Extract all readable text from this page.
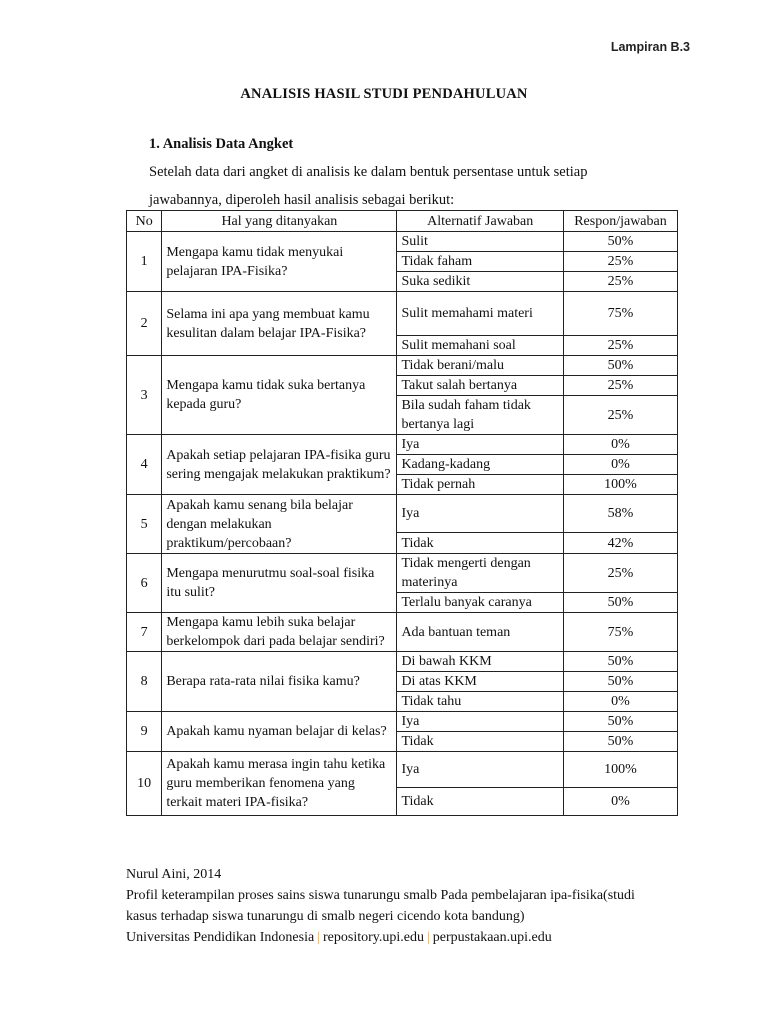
Lampiran B.3
ANALISIS HASIL STUDI PENDAHULUAN
1. Analisis Data Angket
Setelah data dari angket di analisis ke dalam bentuk persentase untuk setiap
jawabannya, diperoleh hasil analisis sebagai berikut:
No	Hal yang ditanyakan	Alternatif Jawaban	Respon/jawaban
1	Mengapa kamu tidak menyukai pelajaran IPA-Fisika?	Sulit	50%
		Tidak faham	25%
		Suka sedikit	25%
2	Selama ini apa yang membuat kamu kesulitan dalam belajar IPA-Fisika?	Sulit memahami materi	75%
		Sulit memahani soal	25%
3	Mengapa kamu tidak suka bertanya kepada guru?	Tidak berani/malu	50%
		Takut salah bertanya	25%
		Bila sudah faham tidak bertanya lagi	25%
4	Apakah setiap pelajaran IPA-fisika guru sering mengajak melakukan praktikum?	Iya	0%
		Kadang-kadang	0%
		Tidak pernah	100%
5	Apakah kamu senang bila belajar dengan melakukan praktikum/percobaan?	Iya	58%
		Tidak	42%
6	Mengapa menurutmu soal-soal fisika itu sulit?	Tidak mengerti dengan materinya	25%
		Terlalu banyak caranya	50%
7	Mengapa kamu lebih suka belajar berkelompok dari pada belajar sendiri?	Ada bantuan teman	75%
8	Berapa rata-rata nilai fisika kamu?	Di bawah KKM	50%
		Di atas KKM	50%
		Tidak tahu	0%
9	Apakah kamu nyaman belajar di kelas?	Iya	50%
		Tidak	50%
10	Apakah kamu merasa ingin tahu ketika guru memberikan fenomena yang terkait materi IPA-fisika?	Iya	100%
		Tidak	0%
Nurul Aini, 2014
Profil keterampilan proses sains siswa tunarungu smalb Pada pembelajaran ipa-fisika(studi
kasus terhadap siswa tunarungu di smalb negeri cicendo kota bandung)
Universitas Pendidikan Indonesia | repository.upi.edu | perpustakaan.upi.edu
